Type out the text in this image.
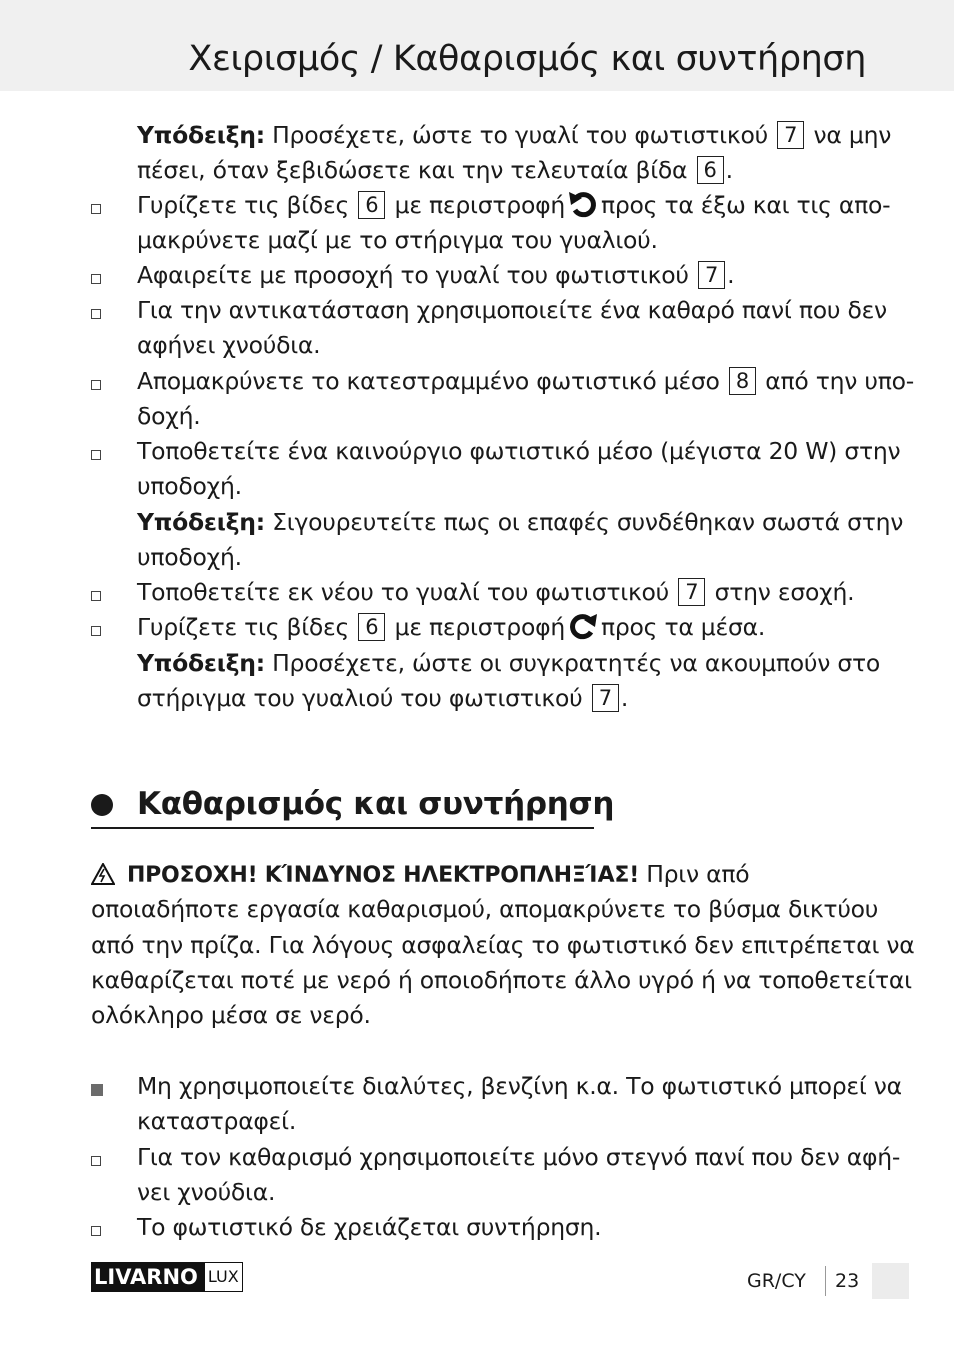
Χειρισμός / Καθαρισμός και συντήρηση
Υπόδειξη: Προσέχετε, ώστε το γυαλί του φωτιστικού 7 να μην
πέσει, όταν ξεβιδώσετε και την τελευταία βίδα 6 .
Γυρίζετε τις βίδες 6 με περιστροφή προς τα έξω και τις απο-
μακρύνετε μαζί με το στήριγμα του γυαλιού.
Αφαιρείτε με προσοχή το γυαλί του φωτιστικού 7 .
Για την αντικατάσταση χρησιμοποιείτε ένα καθαρό πανί που δεν
αφήνει χνούδια.
Απομακρύνετε το κατεστραμμένο φωτιστικό μέσο 8 από την υπο-
δοχή.
Τοποθετείτε ένα καινούργιο φωτιστικό μέσο (μέγιστα 20 W) στην
υποδοχή.
Υπόδειξη: Σιγουρευτείτε πως οι επαφές συνδέθηκαν σωστά στην
υποδοχή.
Τοποθετείτε εκ νέου το γυαλί του φωτιστικού 7 στην εσοχή.
Γυρίζετε τις βίδες 6 με περιστροφή προς τα μέσα.
Υπόδειξη: Προσέχετε, ώστε οι συγκρατητές να ακουμπούν στο
στήριγμα του γυαλιού του φωτιστικού 7 .
Καθαρισμός και συντήρηση
ΠΡΟΣΟΧΗ! ΚΊΝΔΥΝΟΣ ΗΛΕΚΤΡΟΠΛΗΞΊΑΣ! Πριν από
οποιαδήποτε εργασία καθαρισμού, απομακρύνετε το βύσμα δικτύου
από την πρίζα. Για λόγους ασφαλείας το φωτιστικό δεν επιτρέπεται να
καθαρίζεται ποτέ με νερό ή οποιοδήποτε άλλο υγρό ή να τοποθετείται
ολόκληρο μέσα σε νερό.
Μη χρησιμοποιείτε διαλύτες, βενζίνη κ.α. Το φωτιστικό μπορεί να
καταστραφεί.
Για τον καθαρισμό χρησιμοποιείτε μόνο στεγνό πανί που δεν αφή-
νει χνούδια.
Το φωτιστικό δε χρειάζεται συντήρηση.
LIVARNO LUX	GR/CY 23
